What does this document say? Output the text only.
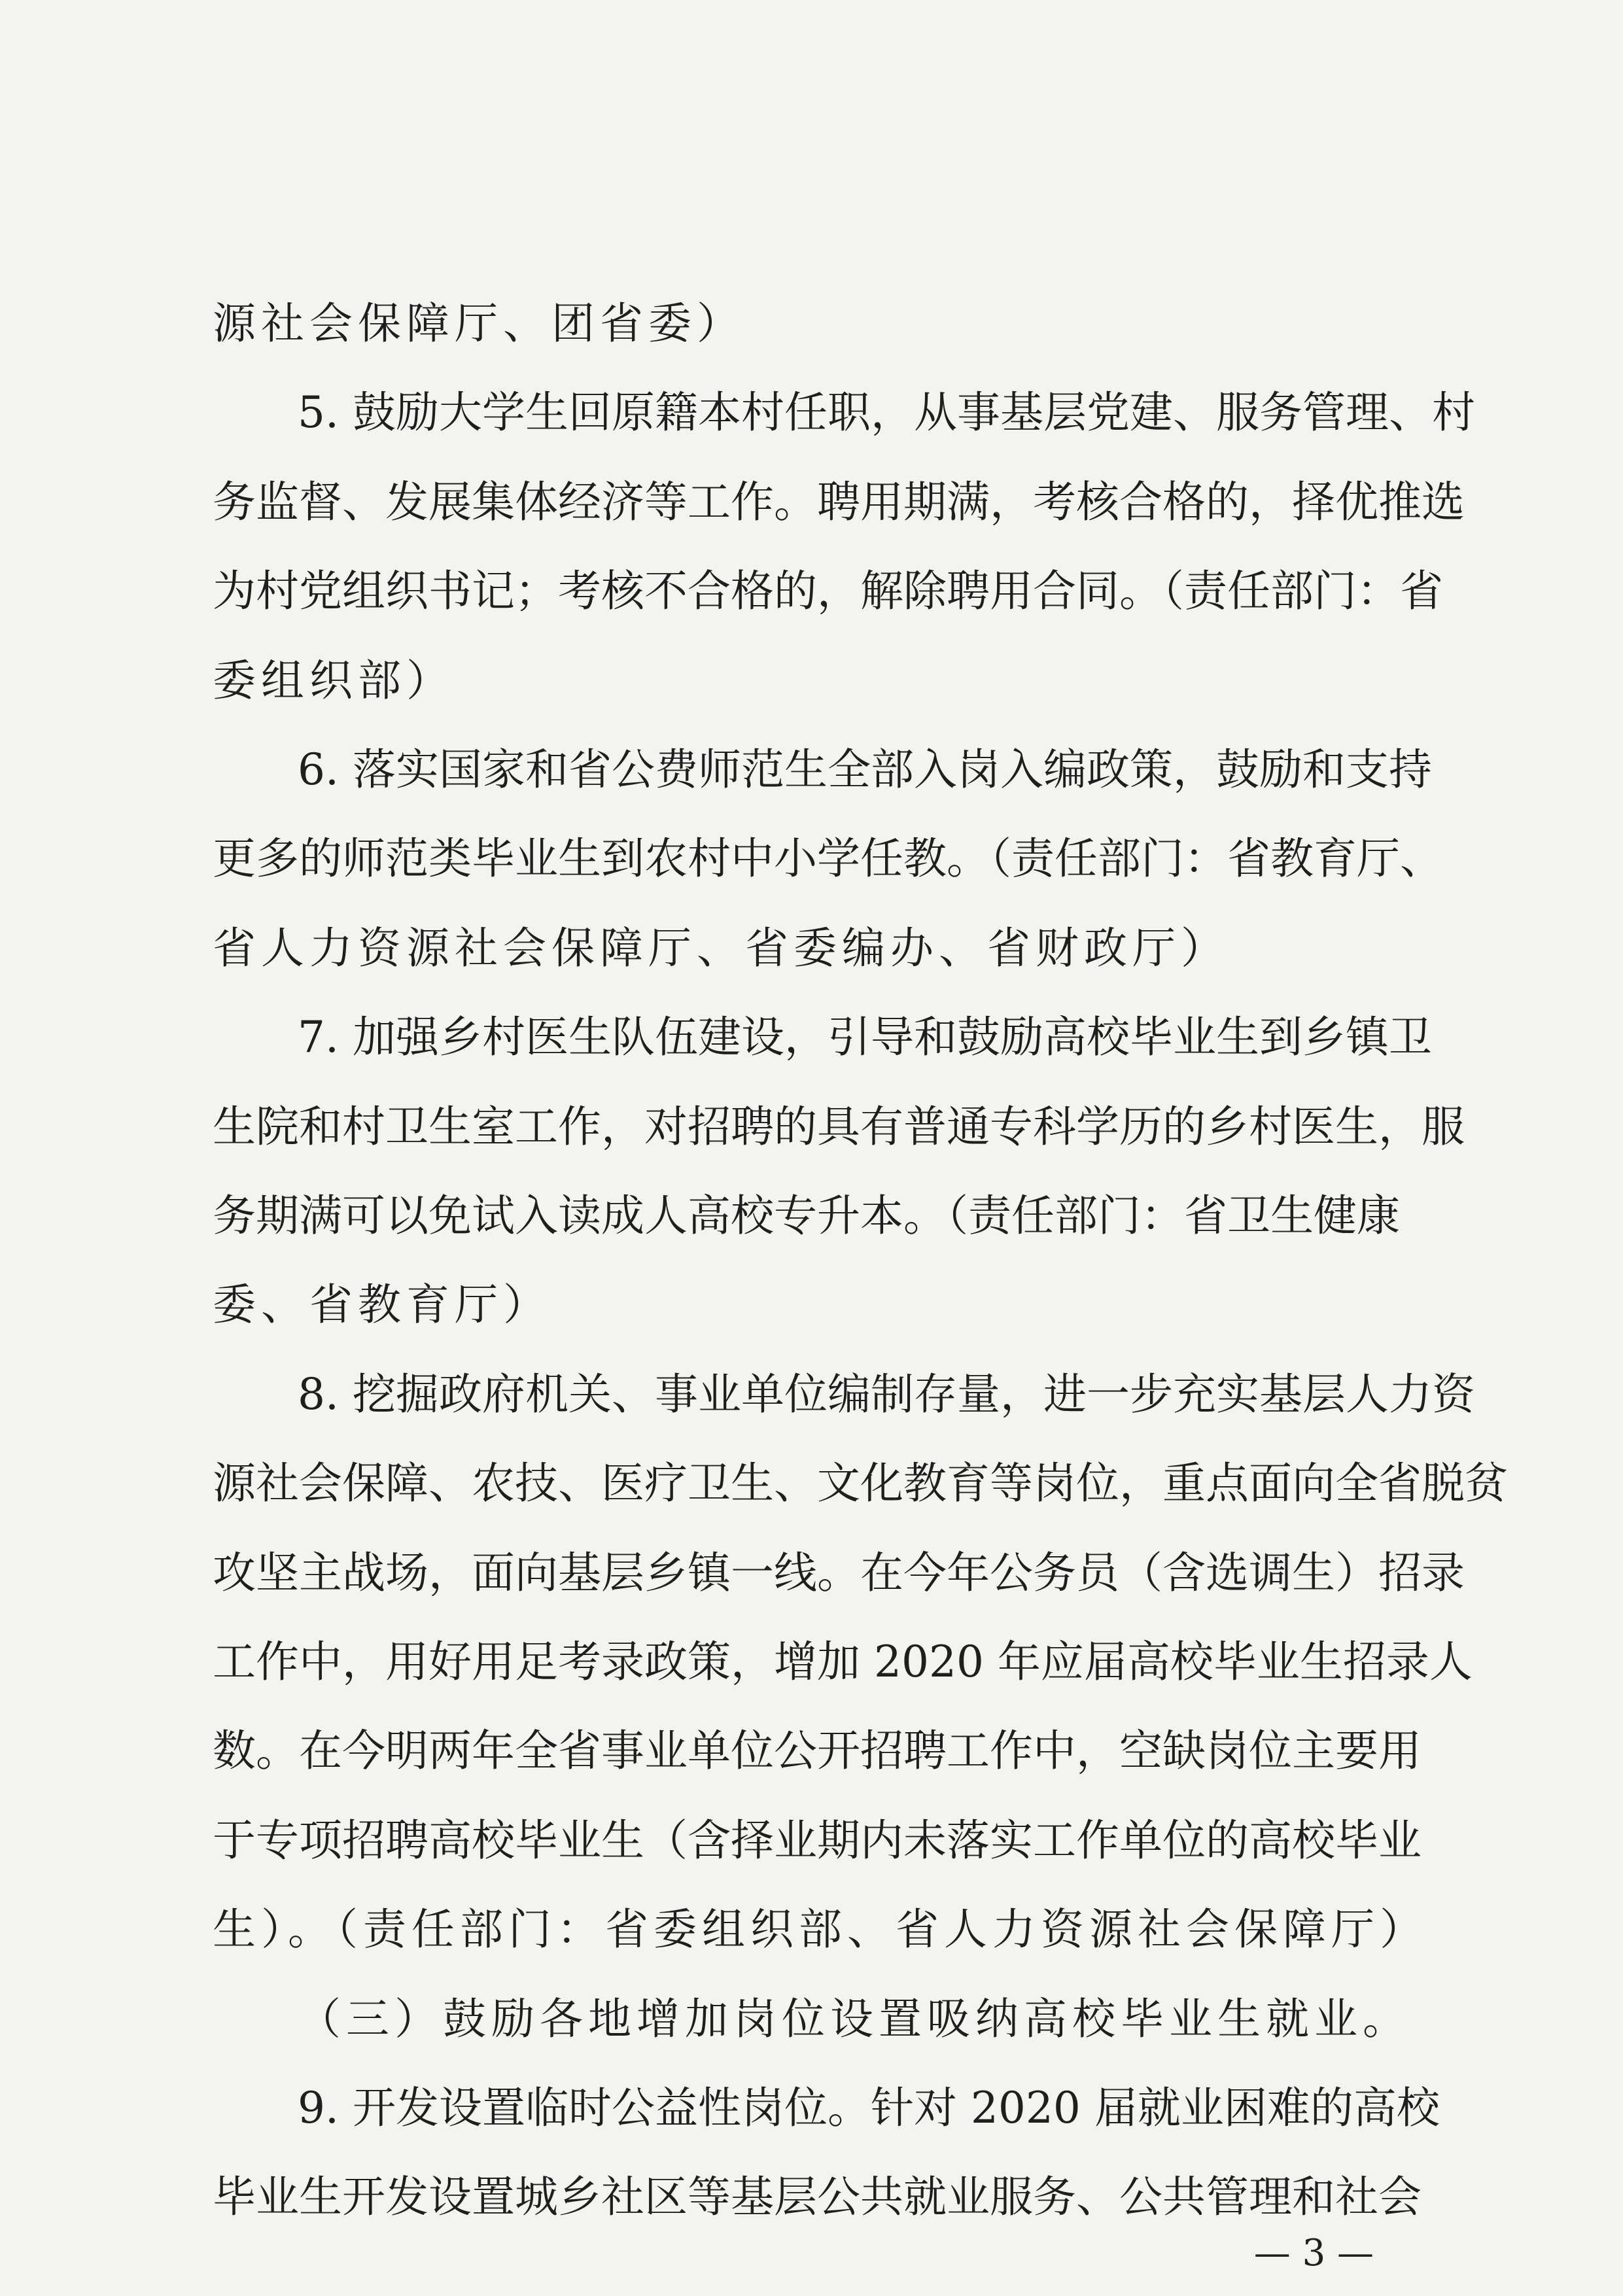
源社会保障厅、团省委）
5. 鼓励大学生回原籍本村任职，从事基层党建、服务管理、村
务监督、发展集体经济等工作。聘用期满，考核合格的，择优推选
为村党组织书记；考核不合格的，解除聘用合同。（责任部门：省
委组织部）
6. 落实国家和省公费师范生全部入岗入编政策，鼓励和支持
更多的师范类毕业生到农村中小学任教。（责任部门：省教育厅、
省人力资源社会保障厅、省委编办、省财政厅）
7. 加强乡村医生队伍建设，引导和鼓励高校毕业生到乡镇卫
生院和村卫生室工作，对招聘的具有普通专科学历的乡村医生，服
务期满可以免试入读成人高校专升本。（责任部门：省卫生健康
委、省教育厅）
8. 挖掘政府机关、事业单位编制存量，进一步充实基层人力资
源社会保障、农技、医疗卫生、文化教育等岗位，重点面向全省脱贫
攻坚主战场，面向基层乡镇一线。在今年公务员（含选调生）招录
工作中，用好用足考录政策，增加 2020 年应届高校毕业生招录人
数。在今明两年全省事业单位公开招聘工作中，空缺岗位主要用
于专项招聘高校毕业生（含择业期内未落实工作单位的高校毕业
生）。（责任部门：省委组织部、省人力资源社会保障厅）
（三）鼓励各地增加岗位设置吸纳高校毕业生就业。
9. 开发设置临时公益性岗位。针对 2020 届就业困难的高校
毕业生开发设置城乡社区等基层公共就业服务、公共管理和社会
— 3 —
